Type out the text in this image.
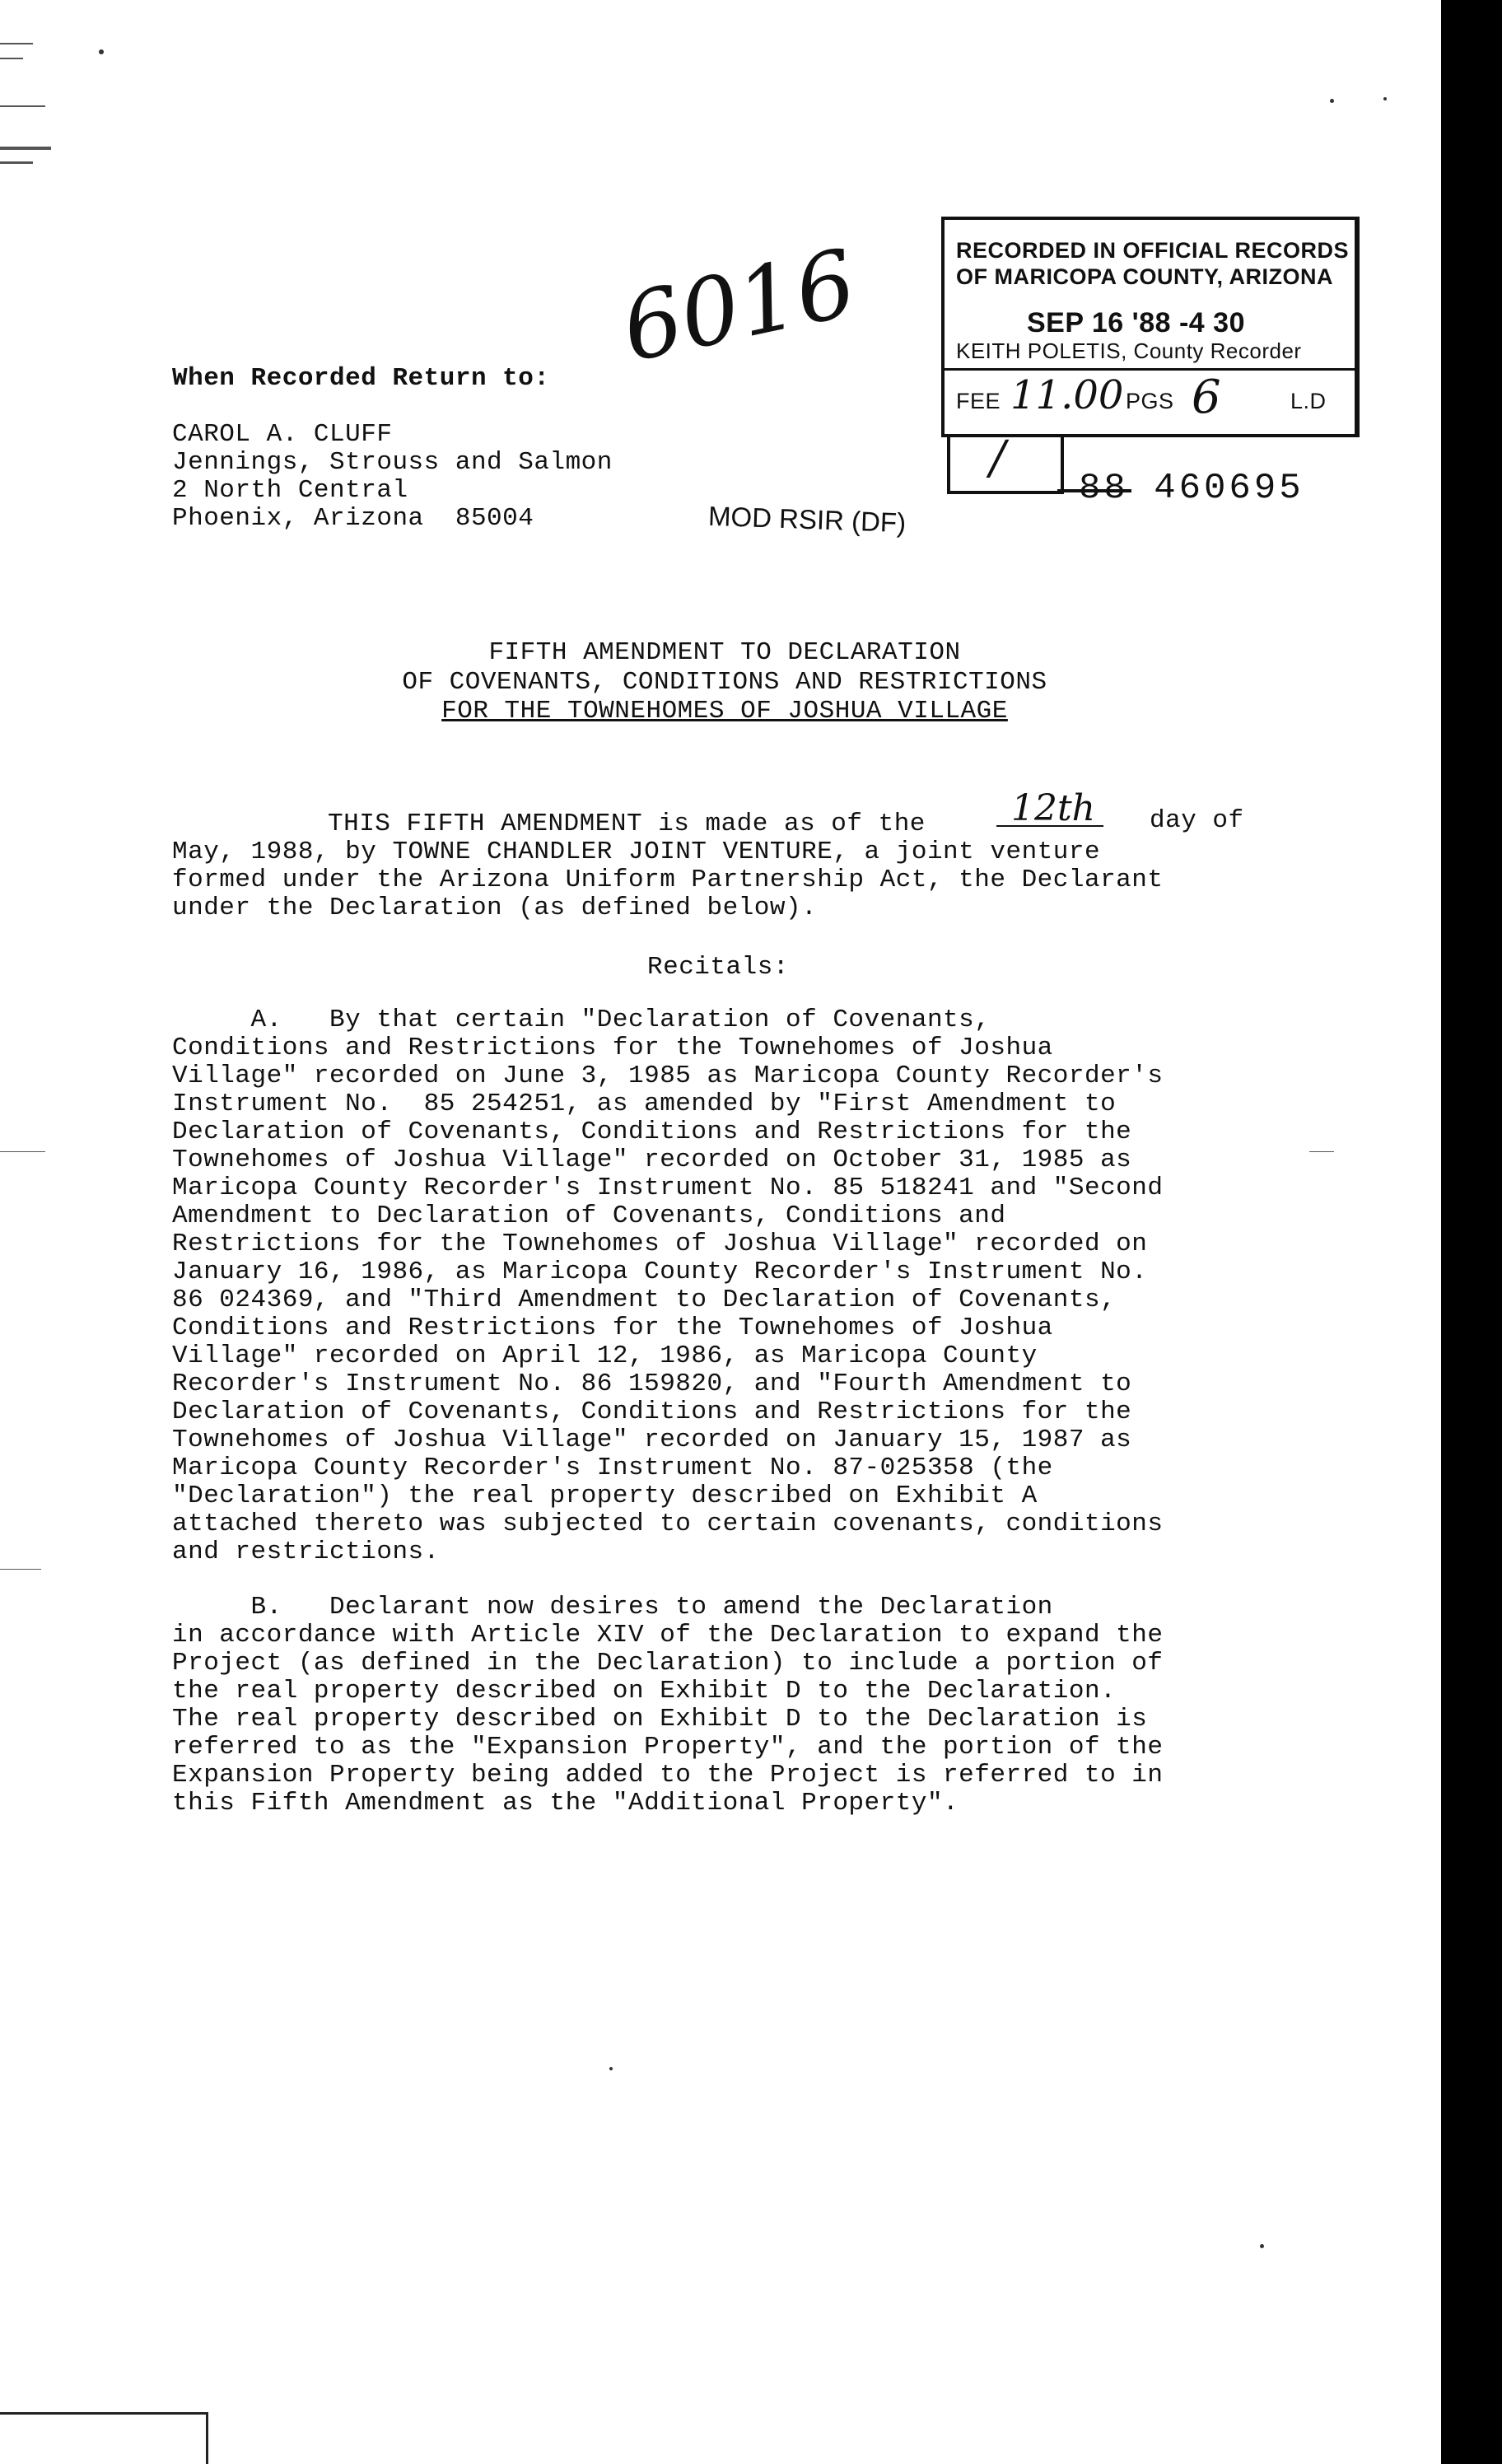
6016
When Recorded Return to:
CAROL A. CLUFF
Jennings, Strouss and Salmon
2 North Central
Phoenix, Arizona  85004	MOD RSIR (DF)
RECORDED IN OFFICIAL RECORDS
OF MARICOPA COUNTY, ARIZONA
SEP 16 '88 -4 30
KEITH POLETIS, County Recorder
FEE 11.00 PGS 6	L.D
/
88 460695
FIFTH AMENDMENT TO DECLARATION
OF COVENANTS, CONDITIONS AND RESTRICTIONS
FOR THE TOWNEHOMES OF JOSHUA VILLAGE
THIS FIFTH AMENDMENT is made as of the 12th day of
May, 1988, by TOWNE CHANDLER JOINT VENTURE, a joint venture
formed under the Arizona Uniform Partnership Act, the Declarant
under the Declaration (as defined below).
Recitals:
A.   By that certain "Declaration of Covenants,
Conditions and Restrictions for the Townehomes of Joshua
Village" recorded on June 3, 1985 as Maricopa County Recorder's
Instrument No.  85 254251, as amended by "First Amendment to
Declaration of Covenants, Conditions and Restrictions for the
Townehomes of Joshua Village" recorded on October 31, 1985 as
Maricopa County Recorder's Instrument No. 85 518241 and "Second
Amendment to Declaration of Covenants, Conditions and
Restrictions for the Townehomes of Joshua Village" recorded on
January 16, 1986, as Maricopa County Recorder's Instrument No.
86 024369, and "Third Amendment to Declaration of Covenants,
Conditions and Restrictions for the Townehomes of Joshua
Village" recorded on April 12, 1986, as Maricopa County
Recorder's Instrument No. 86 159820, and "Fourth Amendment to
Declaration of Covenants, Conditions and Restrictions for the
Townehomes of Joshua Village" recorded on January 15, 1987 as
Maricopa County Recorder's Instrument No. 87-025358 (the
"Declaration") the real property described on Exhibit A
attached thereto was subjected to certain covenants, conditions
and restrictions.
B.   Declarant now desires to amend the Declaration
in accordance with Article XIV of the Declaration to expand the
Project (as defined in the Declaration) to include a portion of
the real property described on Exhibit D to the Declaration.
The real property described on Exhibit D to the Declaration is
referred to as the "Expansion Property", and the portion of the
Expansion Property being added to the Project is referred to in
this Fifth Amendment as the "Additional Property".
